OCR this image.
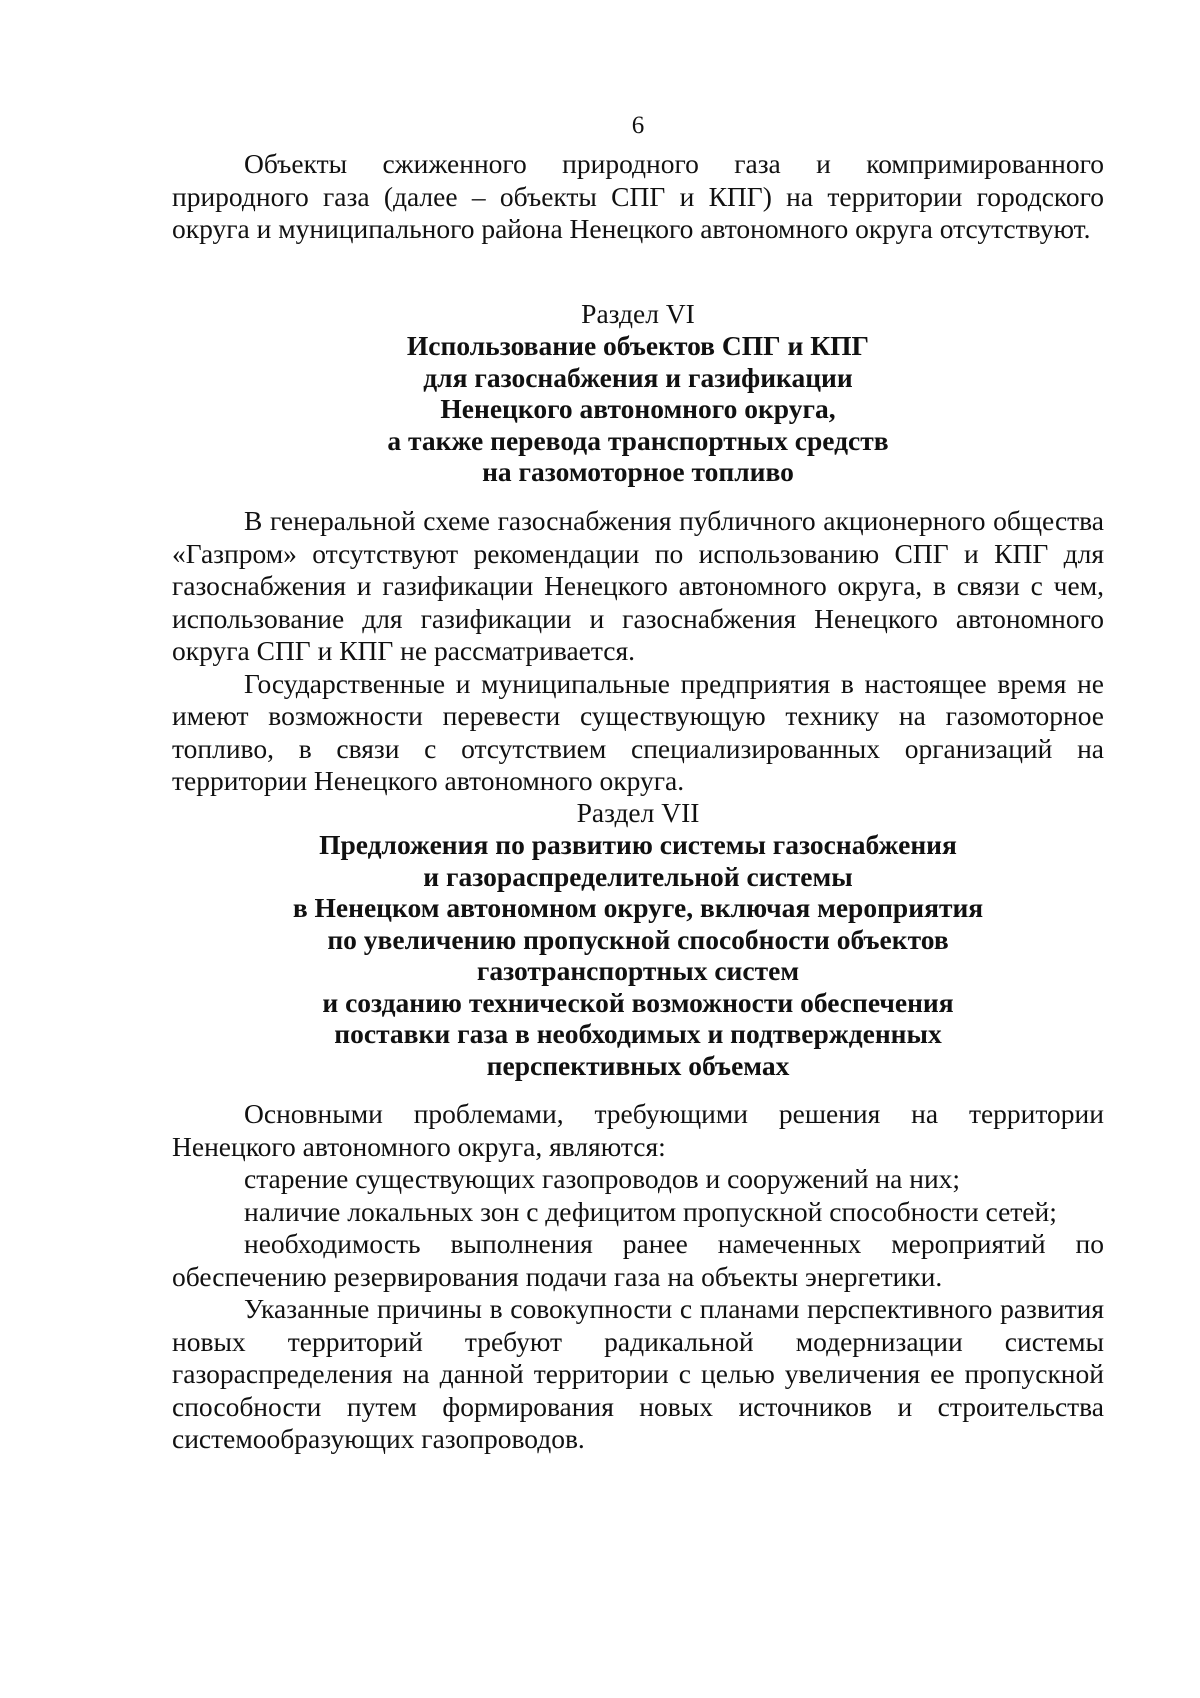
6

Объекты сжиженного природного газа и компримированного природного газа (далее – объекты СПГ и КПГ) на территории городского округа и муниципального района Ненецкого автономного округа отсутствуют.

Раздел VI

Использование объектов СПГ и КПГ
для газоснабжения и газификации
Ненецкого автономного округа,
а также перевода транспортных средств
на газомоторное топливо

В генеральной схеме газоснабжения публичного акционерного общества «Газпром» отсутствуют рекомендации по использованию СПГ и КПГ для газоснабжения и газификации Ненецкого автономного округа, в связи с чем, использование для газификации и газоснабжения Ненецкого автономного округа СПГ и КПГ не рассматривается.

Государственные и муниципальные предприятия в настоящее время не имеют возможности перевести существующую технику на газомоторное топливо, в связи с отсутствием специализированных организаций на территории Ненецкого автономного округа.

Раздел VII

Предложения по развитию системы газоснабжения
и газораспределительной системы
в Ненецком автономном округе, включая мероприятия
по увеличению пропускной способности объектов
газотранспортных систем
и созданию технической возможности обеспечения
поставки газа в необходимых и подтвержденных
перспективных объемах

Основными проблемами, требующими решения на территории Ненецкого автономного округа, являются:

старение существующих газопроводов и сооружений на них;

наличие локальных зон с дефицитом пропускной способности сетей;

необходимость выполнения ранее намеченных мероприятий по обеспечению резервирования подачи газа на объекты энергетики.

Указанные причины в совокупности с планами перспективного развития новых территорий требуют радикальной модернизации системы газораспределения на данной территории с целью увеличения ее пропускной способности путем формирования новых источников и строительства системообразующих газопроводов.
